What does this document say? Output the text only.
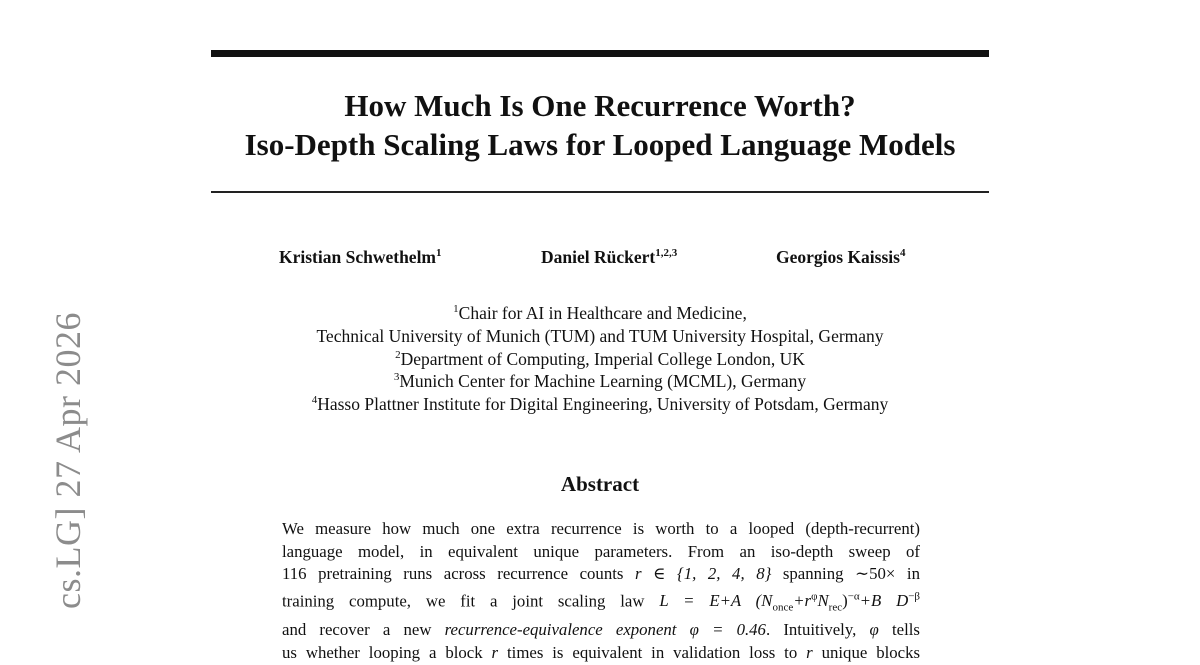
cs.LG] 27 Apr 2026
How Much Is One Recurrence Worth?
Iso-Depth Scaling Laws for Looped Language Models
Kristian Schwethelm$^1$	Daniel Rückert$^{1,2,3}$	Georgios Kaissis$^4$
$^1$Chair for AI in Healthcare and Medicine,
Technical University of Munich (TUM) and TUM University Hospital, Germany
$^2$Department of Computing, Imperial College London, UK
$^3$Munich Center for Machine Learning (MCML), Germany
$^4$Hasso Plattner Institute for Digital Engineering, University of Potsdam, Germany
Abstract
We measure how much one extra recurrence is worth to a looped (depth-recurrent)
language model, in equivalent unique parameters. From an iso-depth sweep of
116 pretraining runs across recurrence counts r ∈ {1, 2, 4, 8} spanning ∼50× in
training compute, we fit a joint scaling law L = E+A $(N_{once}+r^\varphi N_{rec})^{-\alpha}+B$ $D^{-\beta}$
and recover a new recurrence-equivalence exponent φ = 0.46. Intuitively, φ tells
us whether looping a block r times is equivalent in validation loss to r unique blocks
